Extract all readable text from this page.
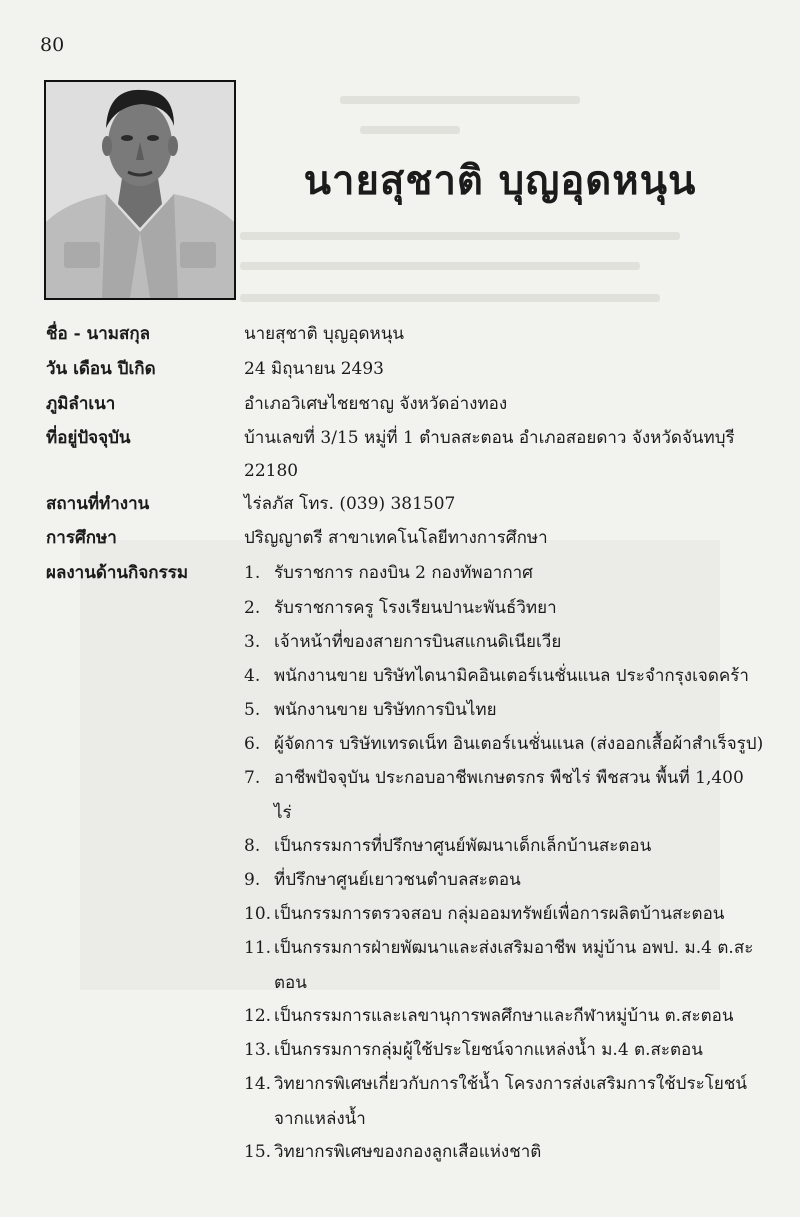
80
นายสุชาติ บุญอุดหนุน
ชื่อ - นามสกุล	นายสุชาติ บุญอุดหนุน
วัน เดือน ปีเกิด	24 มิถุนายน 2493
ภูมิลำเนา	อำเภอวิเศษไชยชาญ จังหวัดอ่างทอง
ที่อยู่ปัจจุบัน	บ้านเลขที่ 3/15 หมู่ที่ 1 ตำบลสะตอน อำเภอสอยดาว จังหวัดจันทบุรี
22180
สถานที่ทำงาน	ไร่ลภัส โทร. (039) 381507
การศึกษา	ปริญญาตรี สาขาเทคโนโลยีทางการศึกษา
ผลงานด้านกิจกรรม	1. รับราชการ กองบิน 2 กองทัพอากาศ
2. รับราชการครู โรงเรียนปานะพันธ์วิทยา
3. เจ้าหน้าที่ของสายการบินสแกนดิเนียเวีย
4. พนักงานขาย บริษัทไดนามิคอินเตอร์เนชั่นแนล ประจำกรุงเจดคร้า
5. พนักงานขาย บริษัทการบินไทย
6. ผู้จัดการ บริษัทเทรดเน็ท อินเตอร์เนชั่นแนล (ส่งออกเสื้อผ้าสำเร็จรูป)
7. อาชีพปัจจุบัน ประกอบอาชีพเกษตรกร พืชไร่ พืชสวน พื้นที่ 1,400 ไร่
8. เป็นกรรมการที่ปรึกษาศูนย์พัฒนาเด็กเล็กบ้านสะตอน
9. ที่ปรึกษาศูนย์เยาวชนตำบลสะตอน
10. เป็นกรรมการตรวจสอบ กลุ่มออมทรัพย์เพื่อการผลิตบ้านสะตอน
11. เป็นกรรมการฝ่ายพัฒนาและส่งเสริมอาชีพ หมู่บ้าน อพป. ม.4 ต.สะตอน
12. เป็นกรรมการและเลขานุการพลศึกษาและกีฬาหมู่บ้าน ต.สะตอน
13. เป็นกรรมการกลุ่มผู้ใช้ประโยชน์จากแหล่งน้ำ ม.4 ต.สะตอน
14. วิทยากรพิเศษเกี่ยวกับการใช้น้ำ โครงการส่งเสริมการใช้ประโยชน์ จากแหล่งน้ำ
15. วิทยากรพิเศษของกองลูกเสือแห่งชาติ
